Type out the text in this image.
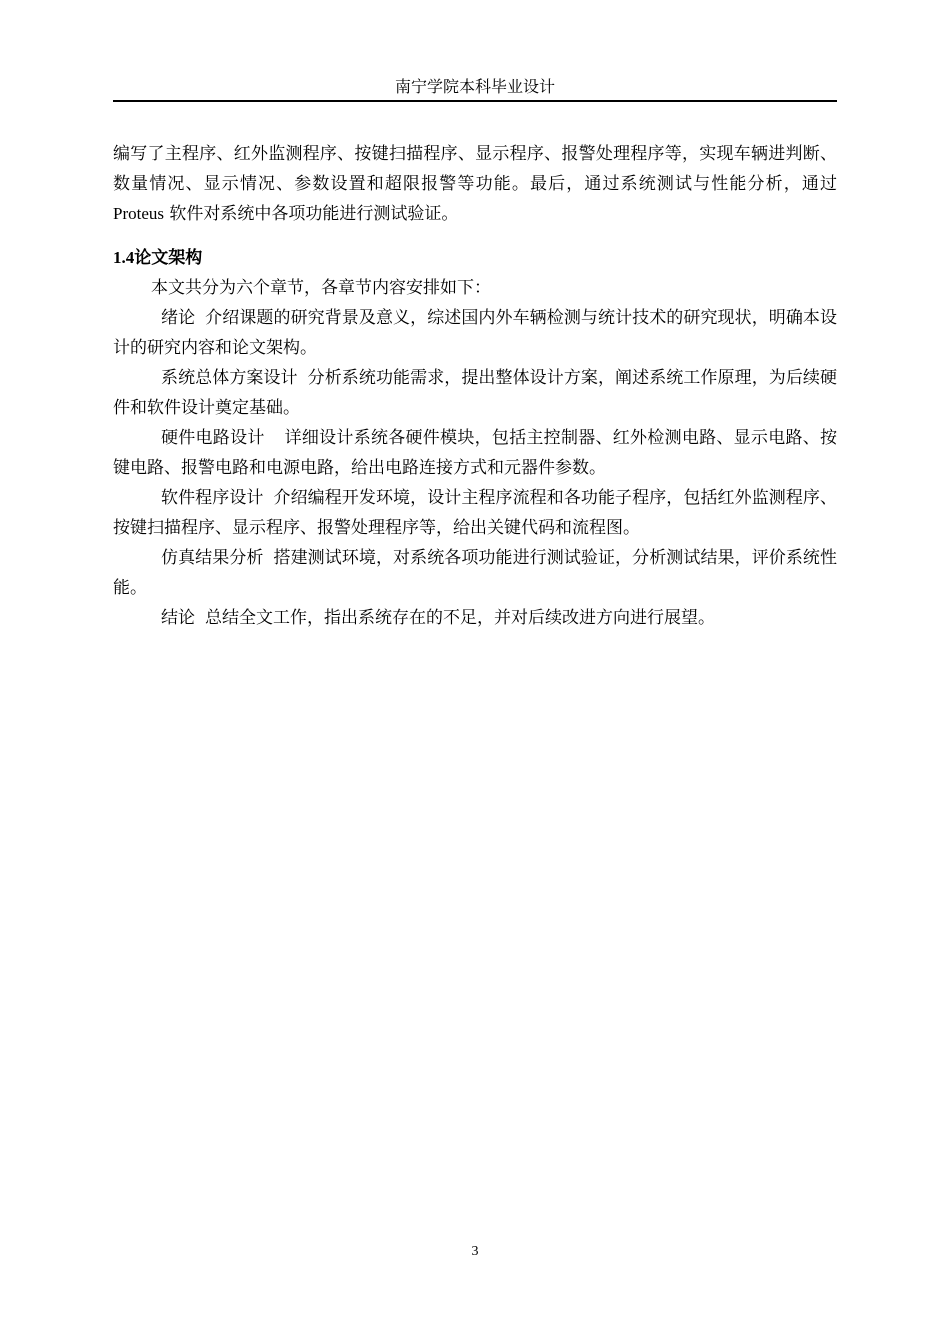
南宁学院本科毕业设计

编写了主程序、红外监测程序、按键扫描程序、显示程序、报警处理程序等，实现车辆进判断、数量情况、显示情况、参数设置和超限报警等功能。最后，通过系统测试与性能分析，通过 Proteus 软件对系统中各项功能进行测试验证。

1.4论文架构

本文共分为六个章节，各章节内容安排如下：

绪论 介绍课题的研究背景及意义，综述国内外车辆检测与统计技术的研究现状，明确本设计的研究内容和论文架构。

系统总体方案设计 分析系统功能需求，提出整体设计方案，阐述系统工作原理，为后续硬件和软件设计奠定基础。

硬件电路设计 详细设计系统各硬件模块，包括主控制器、红外检测电路、显示电路、按键电路、报警电路和电源电路，给出电路连接方式和元器件参数。

软件程序设计 介绍编程开发环境，设计主程序流程和各功能子程序，包括红外监测程序、按键扫描程序、显示程序、报警处理程序等，给出关键代码和流程图。

仿真结果分析 搭建测试环境，对系统各项功能进行测试验证，分析测试结果，评价系统性能。

结论 总结全文工作，指出系统存在的不足，并对后续改进方向进行展望。

3
